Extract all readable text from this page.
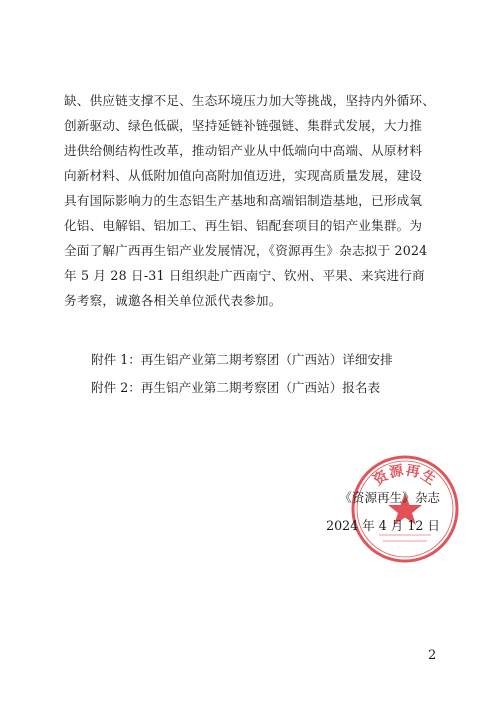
缺、供应链支撑不足、生态环境压力加大等挑战，坚持内外循环、
创新驱动、绿色低碳，坚持延链补链强链、集群式发展，大力推
进供给侧结构性改革，推动铝产业从中低端向中高端、从原材料
向新材料、从低附加值向高附加值迈进，实现高质量发展，建设
具有国际影响力的生态铝生产基地和高端铝制造基地，已形成氧
化铝、电解铝、铝加工、再生铝、铝配套项目的铝产业集群。为
全面了解广西再生铝产业发展情况，《资源再生》杂志拟于 2024
年 5 月 28 日-31 日组织赴广西南宁、钦州、平果、来宾进行商
务考察，诚邀各相关单位派代表参加。
附件 1：再生铝产业第二期考察团（广西站）详细安排
附件 2：再生铝产业第二期考察团（广西站）报名表
资源再生
《资源再生》杂志
2024 年 4 月 12 日
2
